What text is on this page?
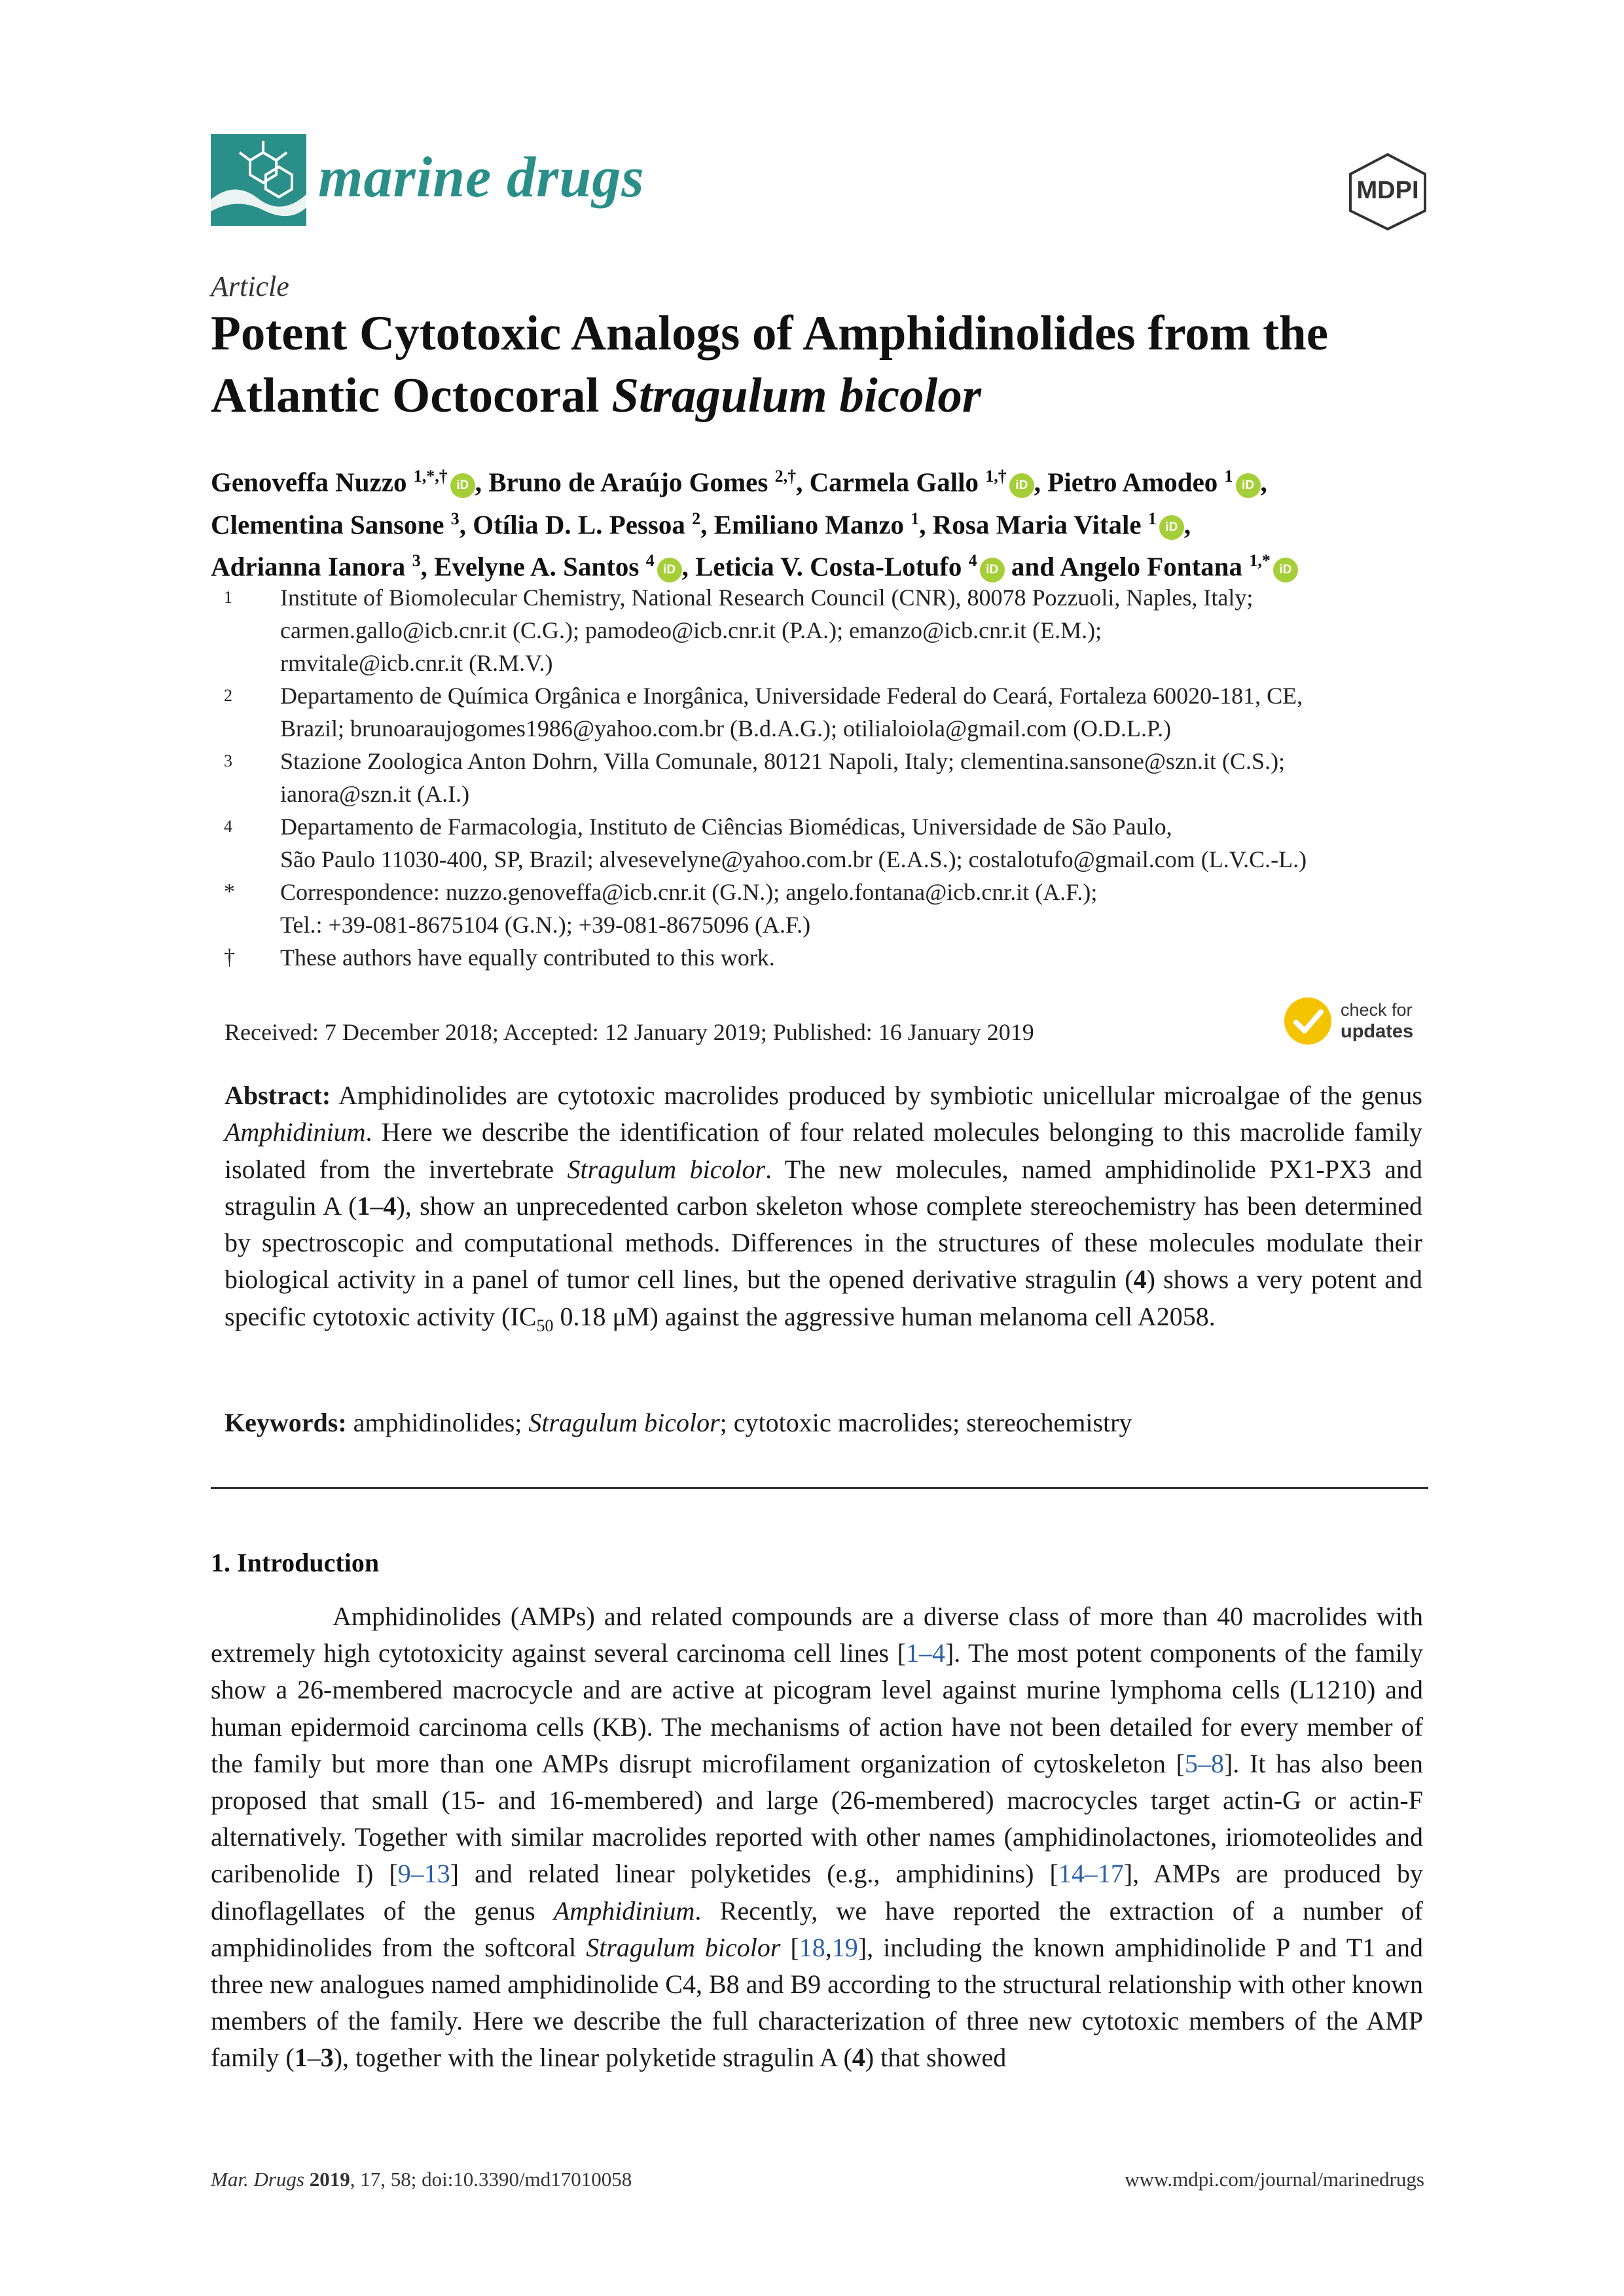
marine drugs	MDPI
Article
Potent Cytotoxic Analogs of Amphidinolides from the
Atlantic Octocoral Stragulum bicolor
Genoveffa Nuzzo $^{1,*,\dagger}$ iD , Bruno de Araújo Gomes $^{2,\dagger}$, Carmela Gallo $^{1,\dagger}$ iD , Pietro Amodeo $^1$ iD ,
Clementina Sansone $^3$, Otília D. L. Pessoa $^2$, Emiliano Manzo $^1$, Rosa Maria Vitale $^1$ iD ,
Adrianna Ianora $^3$, Evelyne A. Santos $^4$ iD , Leticia V. Costa-Lotufo $^4$ iD and Angelo Fontana $^{1,*}$ iD
1	Institute of Biomolecular Chemistry, National Research Council (CNR), 80078 Pozzuoli, Naples, Italy;
carmen.gallo@icb.cnr.it (C.G.); pamodeo@icb.cnr.it (P.A.); emanzo@icb.cnr.it (E.M.);
rmvitale@icb.cnr.it (R.M.V.)
2	Departamento de Química Orgânica e Inorgânica, Universidade Federal do Ceará, Fortaleza 60020-181, CE,
Brazil; brunoaraujogomes1986@yahoo.com.br (B.d.A.G.); otilialoiola@gmail.com (O.D.L.P.)
3	Stazione Zoologica Anton Dohrn, Villa Comunale, 80121 Napoli, Italy; clementina.sansone@szn.it (C.S.);
ianora@szn.it (A.I.)
4	Departamento de Farmacologia, Instituto de Ciências Biomédicas, Universidade de São Paulo,
São Paulo 11030-400, SP, Brazil; alvesevelyne@yahoo.com.br (E.A.S.); costalotufo@gmail.com (L.V.C.-L.)
*	Correspondence: nuzzo.genoveffa@icb.cnr.it (G.N.); angelo.fontana@icb.cnr.it (A.F.);
Tel.: +39-081-8675104 (G.N.); +39-081-8675096 (A.F.)
†	These authors have equally contributed to this work.
Received: 7 December 2018; Accepted: 12 January 2019; Published: 16 January 2019
check for
updates
Abstract: Amphidinolides are cytotoxic macrolides produced by symbiotic unicellular microalgae of the genus Amphidinium. Here we describe the identification of four related molecules belonging to this macrolide family isolated from the invertebrate Stragulum bicolor. The new molecules, named amphidinolide PX1-PX3 and stragulin A (1–4), show an unprecedented carbon skeleton whose complete stereochemistry has been determined by spectroscopic and computational methods. Differences in the structures of these molecules modulate their biological activity in a panel of tumor cell lines, but the opened derivative stragulin (4) shows a very potent and specific cytotoxic activity ($IC_{50}$ 0.18 μM) against the aggressive human melanoma cell A2058.
Keywords: amphidinolides; Stragulum bicolor; cytotoxic macrolides; stereochemistry
1. Introduction
Amphidinolides (AMPs) and related compounds are a diverse class of more than 40 macrolides with extremely high cytotoxicity against several carcinoma cell lines [1–4]. The most potent components of the family show a 26-membered macrocycle and are active at picogram level against murine lymphoma cells (L1210) and human epidermoid carcinoma cells (KB). The mechanisms of action have not been detailed for every member of the family but more than one AMPs disrupt microfilament organization of cytoskeleton [5–8]. It has also been proposed that small (15- and 16-membered) and large (26-membered) macrocycles target actin-G or actin-F alternatively. Together with similar macrolides reported with other names (amphidinolactones, iriomoteolides and caribenolide I) [9–13] and related linear polyketides (e.g., amphidinins) [14–17], AMPs are produced by dinoflagellates of the genus Amphidinium. Recently, we have reported the extraction of a number of amphidinolides from the softcoral Stragulum bicolor [18,19], including the known amphidinolide P and T1 and three new analogues named amphidinolide C4, B8 and B9 according to the structural relationship with other known members of the family. Here we describe the full characterization of three new cytotoxic members of the AMP family (1–3), together with the linear polyketide stragulin A (4) that showed
Mar. Drugs 2019, 17, 58; doi:10.3390/md17010058	www.mdpi.com/journal/marinedrugs
